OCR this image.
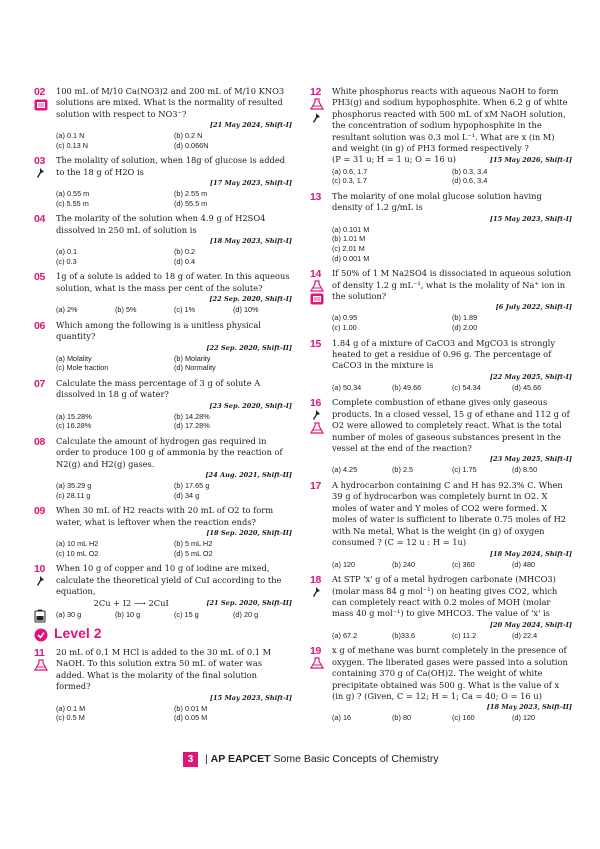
02 100 mL of M/10 Ca(NO3)2 and 200 mL of M/10 KNO3 solutions are mixed. What is the normality of resulted solution with respect to NO3⁻?
[21 May 2024, Shift-I]
(a) 0.1 N	(b) 0.2 N
(c) 0.13 N	(d) 0.066N
03 The molality of solution, when 18g of glucose is added to the 18 g of H2O is
[17 May 2023, Shift-I]
(a) 0.55 m	(b) 2.55 m
(c) 5.55 m	(d) 55.5 m
04 The molarity of the solution when 4.9 g of H2SO4 dissolved in 250 mL of solution is
[18 May 2023, Shift-I]
(a) 0.1	(b) 0.2
(c) 0.3	(d) 0.4
05 1g of a solute is added to 18 g of water. In this aqueous solution, what is the mass per cent of the solute?
[22 Sep. 2020, Shift-I]
(a) 2%	(b) 5%	(c) 1%	(d) 10%
06 Which among the following is a unitless physical quantity?
[22 Sep. 2020, Shift-II]
(a) Molality	(b) Molarity
(c) Mole fraction	(d) Normality
07 Calculate the mass percentage of 3 g of solute A dissolved in 18 g of water?
[23 Sep. 2020, Shift-I]
(a) 15.28%	(b) 14.28%
(c) 16.28%	(d) 17.28%
08 Calculate the amount of hydrogen gas required in order to produce 100 g of ammonia by the reaction of N2(g) and H2(g) gases.
[24 Aug. 2021, Shift-II]
(a) 35.29 g	(b) 17.65 g
(c) 28.11 g	(d) 34 g
09 When 30 mL of H2 reacts with 20 mL of O2 to form water, what is leftover when the reaction ends?
[18 Sep. 2020, Shift-II]
(a) 10 mL H2	(b) 5 mL H2
(c) 10 mL O2	(d) 5 mL O2
10 When 10 g of copper and 10 g of iodine are mixed, calculate the theoretical yield of CuI according to the equation,
2Cu + I2 ⟶ 2CuI	[21 Sep. 2020, Shift-II]
(a) 30 g	(b) 10 g	(c) 15 g	(d) 20 g
Level 2
11 20 mL of 0.1 M HCl is added to the 30 mL of 0.1 M NaOH. To this solution extra 50 mL of water was added. What is the molarity of the final solution formed?
[15 May 2023, Shift-I]
(a) 0.1 M	(b) 0.01 M
(c) 0.5 M	(d) 0.05 M
12 White phosphorus reacts with aqueous NaOH to form PH3(g) and sodium hypophosphite. When 6.2 g of white phosphorus reacted with 500 mL of xM NaOH solution, the concentration of sodium hypophosphite in the resultant solution was 0.3 mol L⁻¹. What are x (in M) and weight (in g) of PH3 formed respectively ?
(P = 31 u; H = 1 u; O = 16 u)	[15 May 2026, Shift-I]
(a) 0.6, 1.7	(b) 0.3, 3.4
(c) 0.3, 1.7	(d) 0.6, 3.4
13 The molarity of one molal glucose solution having density of 1.2 g/mL is
[15 May 2023, Shift-I]
(a) 0.101 M
(b) 1.01 M
(c) 2.01 M
(d) 0.001 M
14 If 50% of 1 M Na2SO4 is dissociated in aqueous solution of density 1.2 g mL⁻¹, what is the molality of Na⁺ ion in the solution?
[6 July 2022, Shift-I]
(a) 0.95	(b) 1.89
(c) 1.00	(d) 2.00
15 1.84 g of a mixture of CaCO3 and MgCO3 is strongly heated to get a residue of 0.96 g. The percentage of CaCO3 in the mixture is
[22 May 2025, Shift-I]
(a) 50.34	(b) 49.66	(c) 54.34	(d) 45.66
16 Complete combustion of ethane gives only gaseous products. In a closed vessel, 15 g of ethane and 112 g of O2 were allowed to completely react. What is the total number of moles of gaseous substances present in the vessel at the end of the reaction?
[23 May 2025, Shift-I]
(a) 4.25	(b) 2.5	(c) 1.75	(d) 8.50
17 A hydrocarbon containing C and H has 92.3% C. When 39 g of hydrocarbon was completely burnt in O2. X moles of water and Y moles of CO2 were formed. X moles of water is sufficient to liberate 0.75 moles of H2 with Na metal, What is the weight (in g) of oxygen consumed ? (C = 12 u : H = 1u)
[18 May 2024, Shift-I]
(a) 120	(b) 240	(c) 360	(d) 480
18 At STP 'x' g of a metal hydrogen carbonate (MHCO3) (molar mass 84 g mol⁻¹) on heating gives CO2, which can completely react with 0.2 moles of MOH (molar mass 40 g mol⁻¹) to give MHCO3. The value of 'x' is
[20 May 2024, Shift-I]
(a) 67.2	(b)33.6	(c) 11.2	(d) 22.4
19 x g of methane was burnt completely in the presence of oxygen. The liberated gases were passed into a solution containing 370 g of Ca(OH)2. The weight of white precipitate obtained was 500 g. What is the value of x (in g) ? (Given, C = 12; H = 1; Ca = 40; O = 16 u)
[18 May 2023, Shift-II]
(a) 16	(b) 80	(c) 160	(d) 120
3	| AP EAPCET Some Basic Concepts of Chemistry
